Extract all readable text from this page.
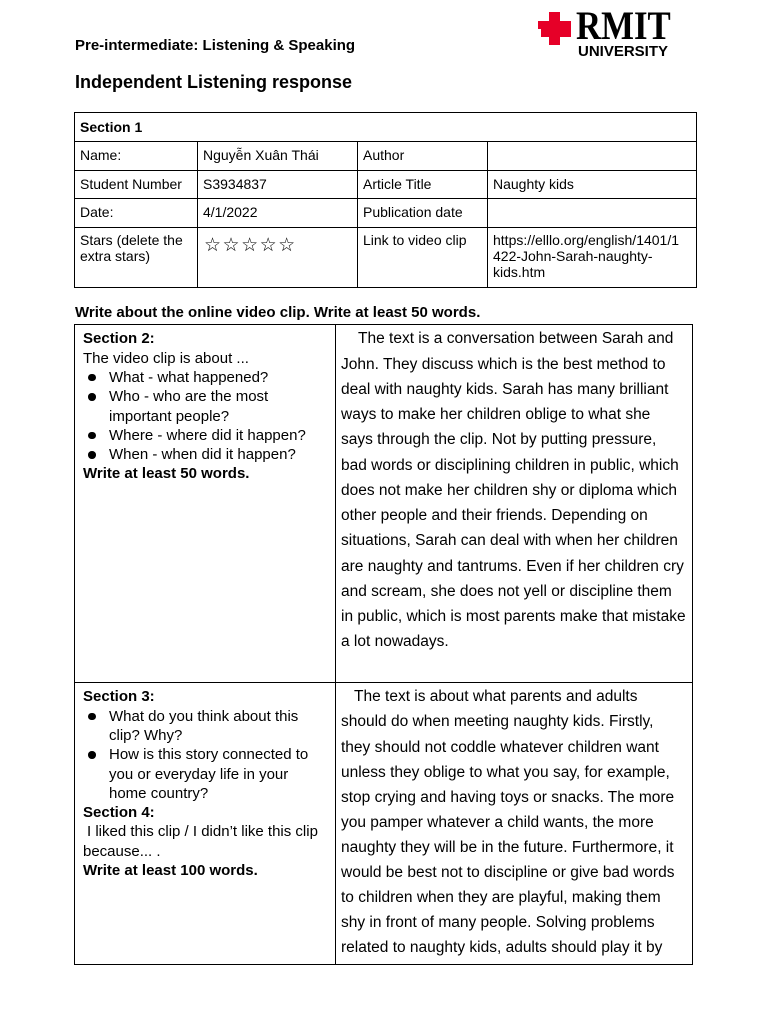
Pre-intermediate: Listening & Speaking
Independent Listening response
RMIT
UNIVERSITY
Section 1
Name:	Nguyễn Xuân Thái	Author
Student Number	S3934837	Article Title	Naughty kids
Date:	4/1/2022	Publication date
Stars (delete the
extra stars)	☆☆☆☆☆	Link to video clip	https://elllo.org/english/1401/1
422-John-Sarah-naughty-
kids.htm
Write about the online video clip. Write at least 50 words.
Section 2:
The video clip is about ...
What - what happened?
Who - who are the most
important people?
Where - where did it happen?
When - when did it happen?
Write at least 50 words.
The text is a conversation between Sarah and
John. They discuss which is the best method to
deal with naughty kids. Sarah has many brilliant
ways to make her children oblige to what she
says through the clip. Not by putting pressure,
bad words or disciplining children in public, which
does not make her children shy or diploma which
other people and their friends. Depending on
situations, Sarah can deal with when her children
are naughty and tantrums. Even if her children cry
and scream, she does not yell or discipline them
in public, which is most parents make that mistake
a lot nowadays.
Section 3:
What do you think about this
clip? Why?
How is this story connected to
you or everyday life in your
home country?
Section 4:
I liked this clip / I didn’t like this clip
because... .
Write at least 100 words.
The text is about what parents and adults
should do when meeting naughty kids. Firstly,
they should not coddle whatever children want
unless they oblige to what you say, for example,
stop crying and having toys or snacks. The more
you pamper whatever a child wants, the more
naughty they will be in the future. Furthermore, it
would be best not to discipline or give bad words
to children when they are playful, making them
shy in front of many people. Solving problems
related to naughty kids, adults should play it by
